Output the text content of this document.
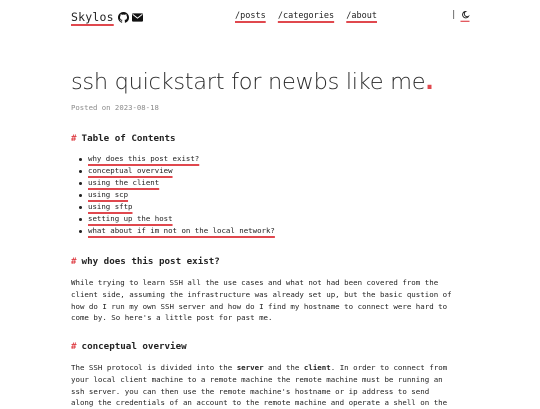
Skylos	/posts /categories /about	|
ssh quickstart for newbs like me.
Posted on 2023-08-18
# Table of Contents
why does this post exist?
conceptual overview
using the client
using scp
using sftp
setting up the host
what about if im not on the local network?
# why does this post exist?
While trying to learn SSH all the use cases and what not had been covered from the
client side, assuming the infrastructure was already set up, but the basic qustion of
how do I run my own SSH server and how do I find my hostname to connect were hard to
come by. So here's a little post for past me.
# conceptual overview
The SSH protocol is divided into the server and the client. In order to connect from
your local client machine to a remote machine the remote machine must be running an
ssh server. you can then use the remote machine's hostname or ip address to send
along the credentials of an account to the remote machine and operate a shell on the
